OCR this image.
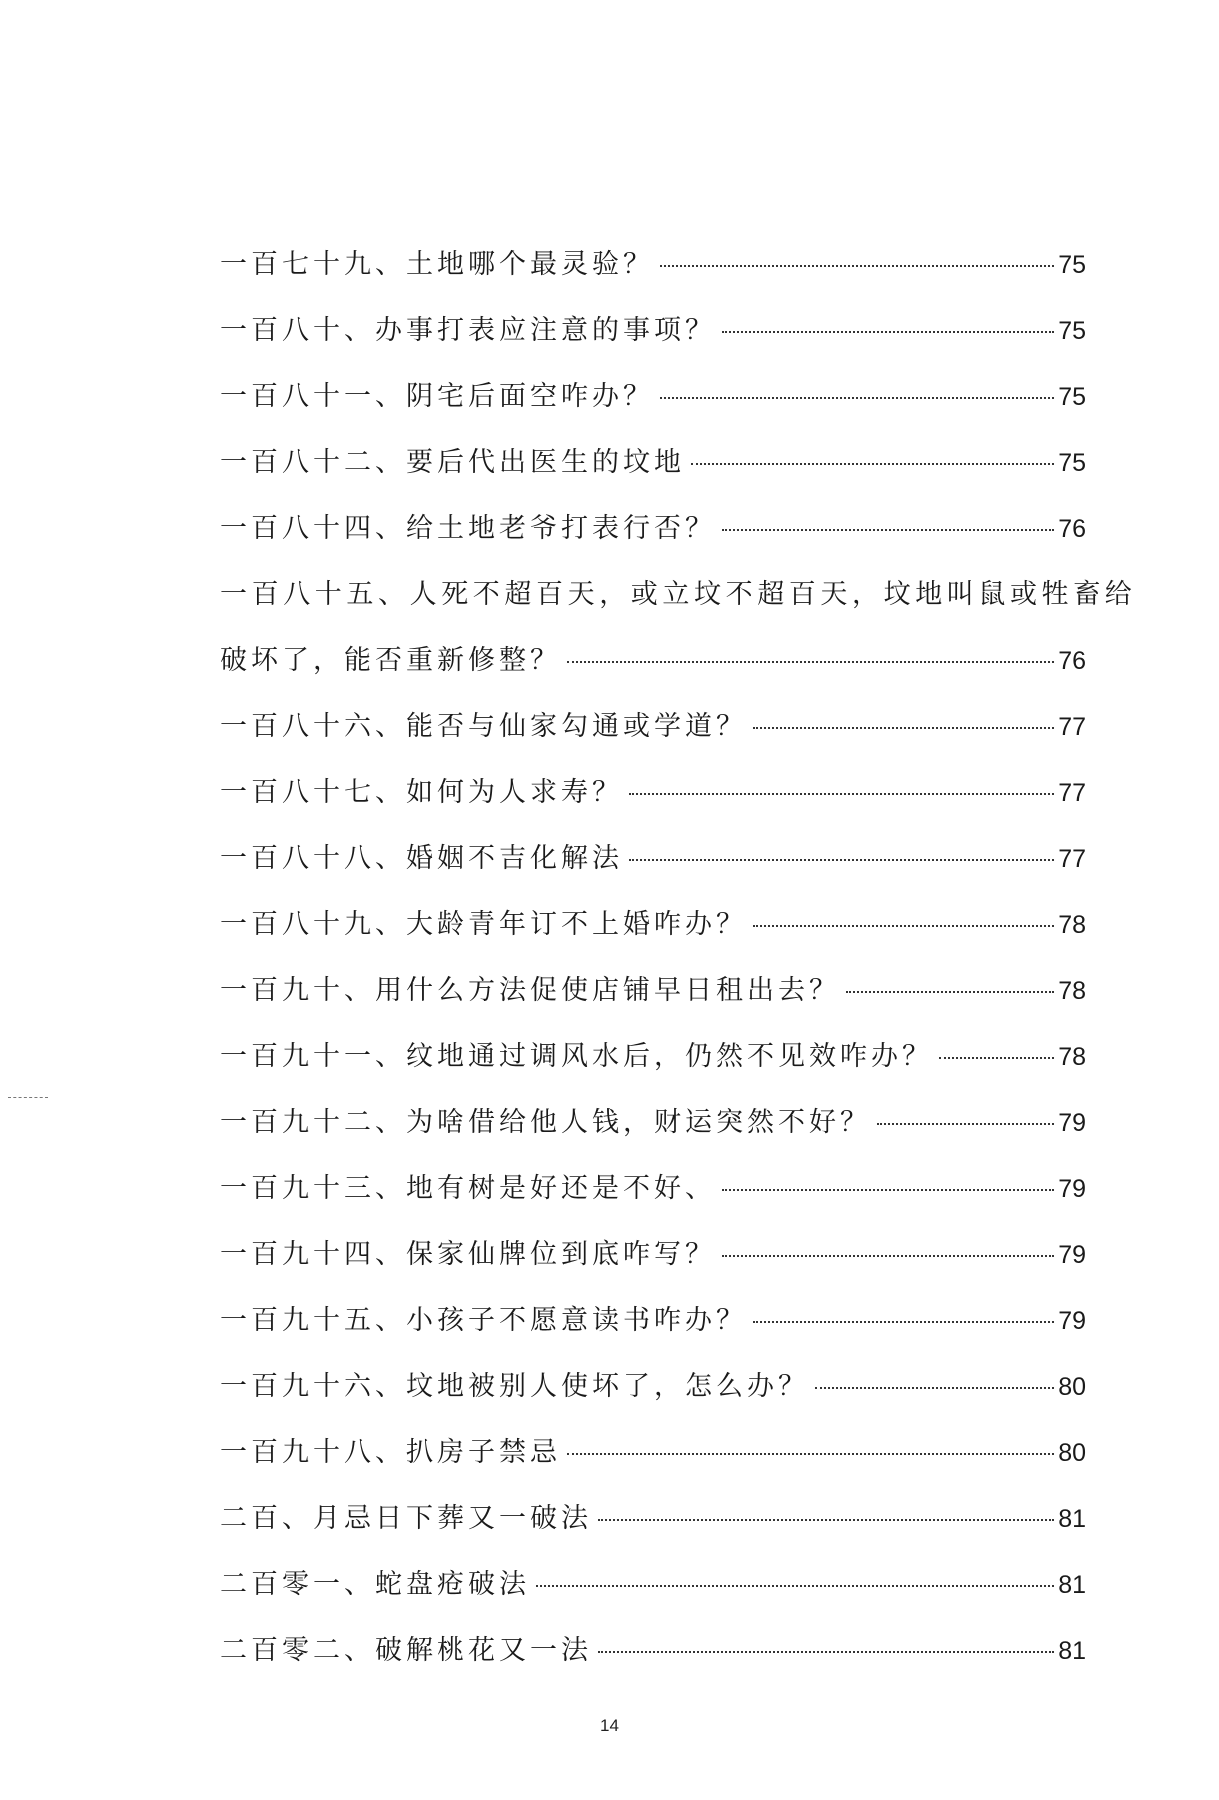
一百七十九、土地哪个最灵验？	75
一百八十、办事打表应注意的事项？	75
一百八十一、阴宅后面空咋办？	75
一百八十二、要后代出医生的坟地	75
一百八十四、给土地老爷打表行否？	76
一百八十五、人死不超百天，或立坟不超百天，坟地叫鼠或牲畜给
破坏了，能否重新修整？	76
一百八十六、能否与仙家勾通或学道？	77
一百八十七、如何为人求寿？	77
一百八十八、婚姻不吉化解法	77
一百八十九、大龄青年订不上婚咋办？	78
一百九十、用什么方法促使店铺早日租出去？	78
一百九十一、纹地通过调风水后，仍然不见效咋办？	78
一百九十二、为啥借给他人钱，财运突然不好？	79
一百九十三、地有树是好还是不好、	79
一百九十四、保家仙牌位到底咋写？	79
一百九十五、小孩子不愿意读书咋办？	79
一百九十六、坟地被别人使坏了，怎么办？	80
一百九十八、扒房子禁忌	80
二百、月忌日下葬又一破法	81
二百零一、蛇盘疮破法	81
二百零二、破解桃花又一法	81
14
